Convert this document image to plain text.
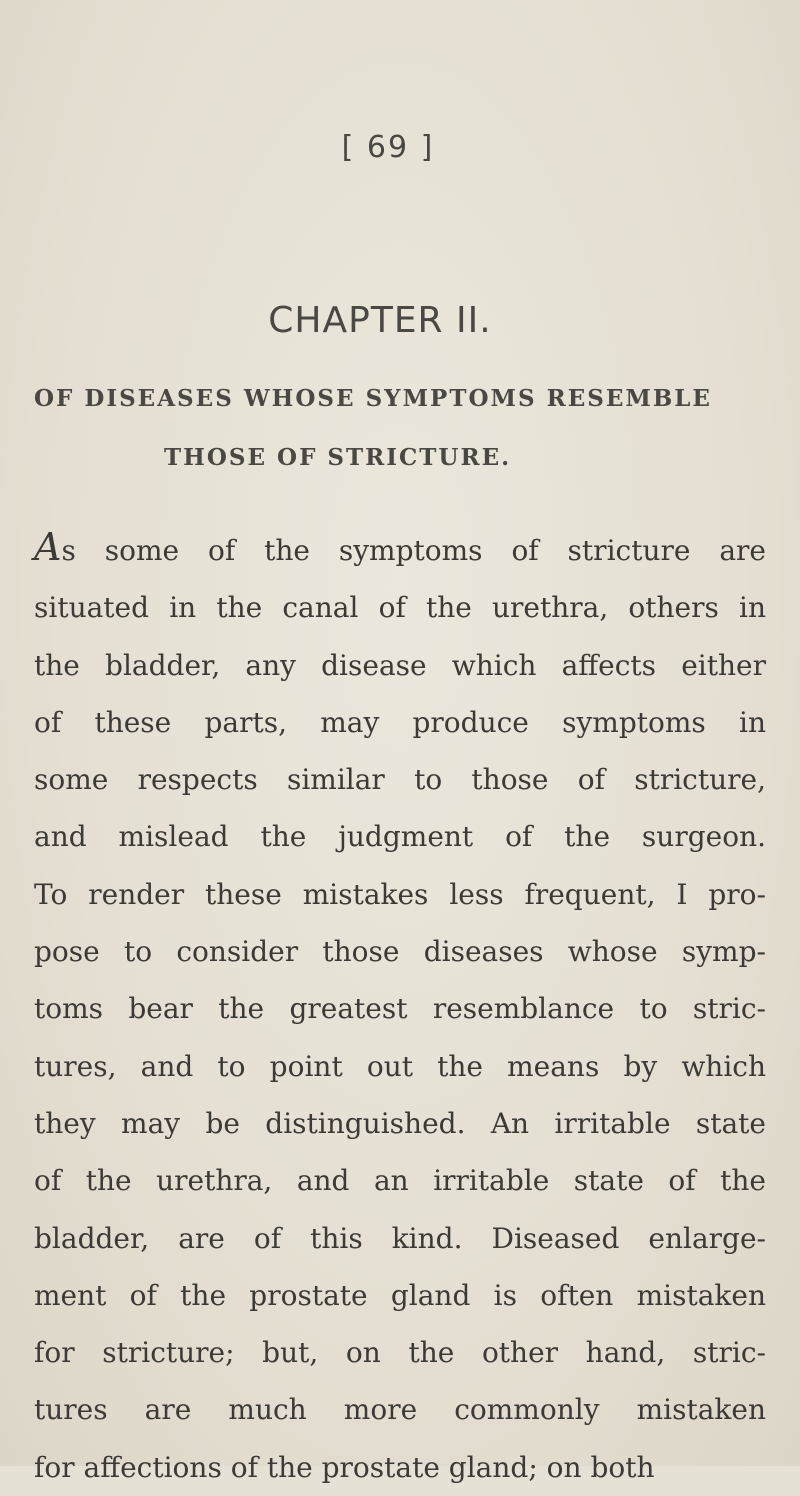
[ 69 ]
CHAPTER II.
OF DISEASES WHOSE SYMPTOMS RESEMBLE
THOSE OF STRICTURE.
As some of the symptoms of stricture are
situated in the canal of the urethra, others in
the bladder, any disease which affects either
of these parts, may produce symptoms in
some respects similar to those of stricture,
and mislead the judgment of the surgeon.
To render these mistakes less frequent, I pro-
pose to consider those diseases whose symp-
toms bear the greatest resemblance to stric-
tures, and to point out the means by which
they may be distinguished. An irritable state
of the urethra, and an irritable state of the
bladder, are of this kind. Diseased enlarge-
ment of the prostate gland is often mistaken
for stricture; but, on the other hand, stric-
tures are much more commonly mistaken
for affections of the prostate gland; on both
